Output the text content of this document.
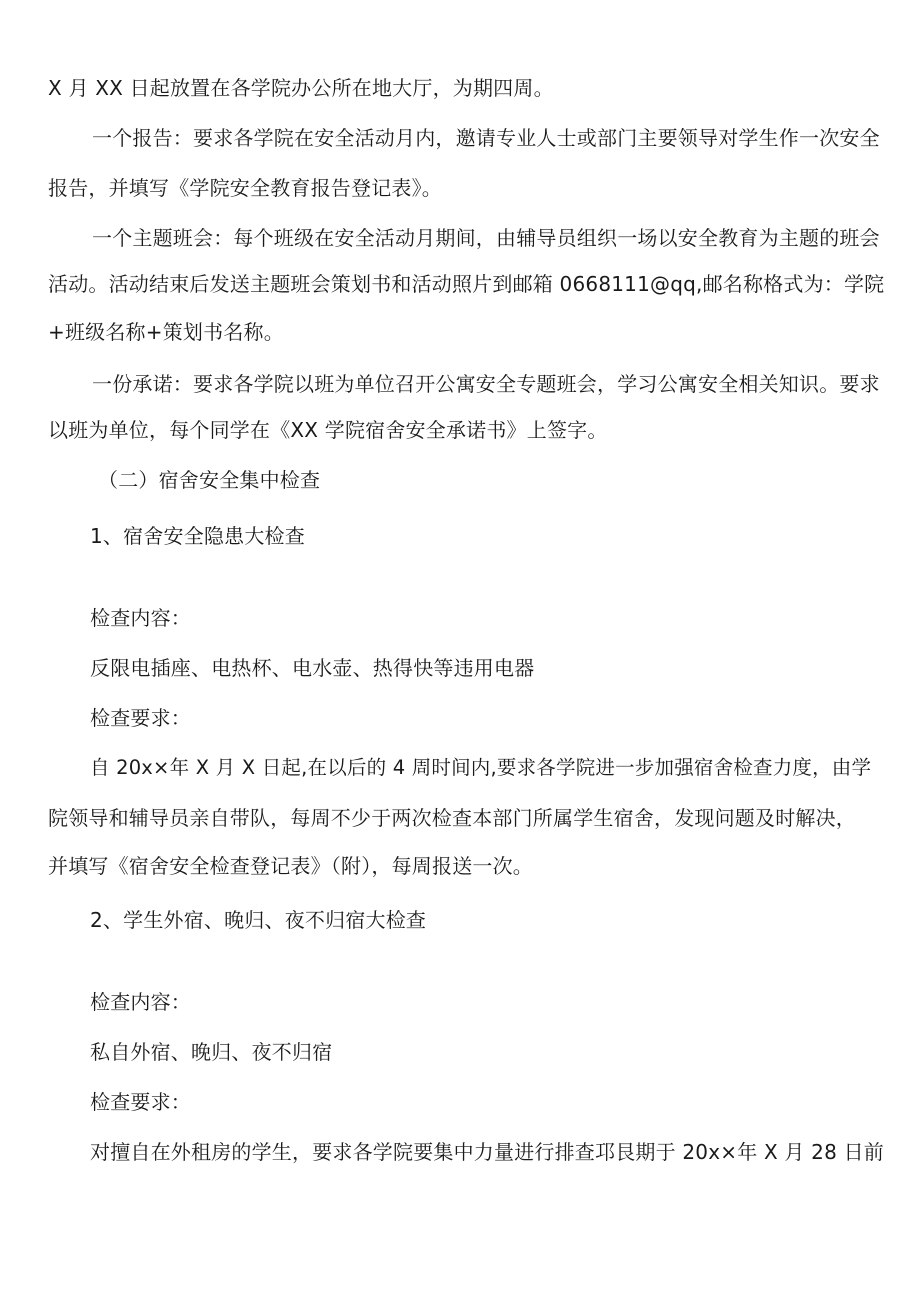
X 月 XX 日起放置在各学院办公所在地大厅，为期四周。
一个报告：要求各学院在安全活动月内，邀请专业人士或部门主要领导对学生作一次安全
报告，并填写《学院安全教育报告登记表》。
一个主题班会：每个班级在安全活动月期间，由辅导员组织一场以安全教育为主题的班会
活动。活动结束后发送主题班会策划书和活动照片到邮箱 0668111@qq,邮名称格式为：学院
+班级名称+策划书名称。
一份承诺：要求各学院以班为单位召开公寓安全专题班会，学习公寓安全相关知识。要求
以班为单位，每个同学在《XX 学院宿舍安全承诺书》上签字。
（二）宿舍安全集中检查
1、宿舍安全隐患大检查
检查内容：
反限电插座、电热杯、电水壶、热得快等违用电器
检查要求：
自 20x×年 X 月 X 日起,在以后的 4 周时间内,要求各学院进一步加强宿舍检查力度，由学
院领导和辅导员亲自带队，每周不少于两次检查本部门所属学生宿舍，发现问题及时解决，
并填写《宿舍安全检查登记表》（附），每周报送一次。
2、学生外宿、晚归、夜不归宿大检查
检查内容：
私自外宿、晚归、夜不归宿
检查要求：
对擅自在外租房的学生，要求各学院要集中力量进行排查邛艮期于 20x×年 X 月 28 日前
